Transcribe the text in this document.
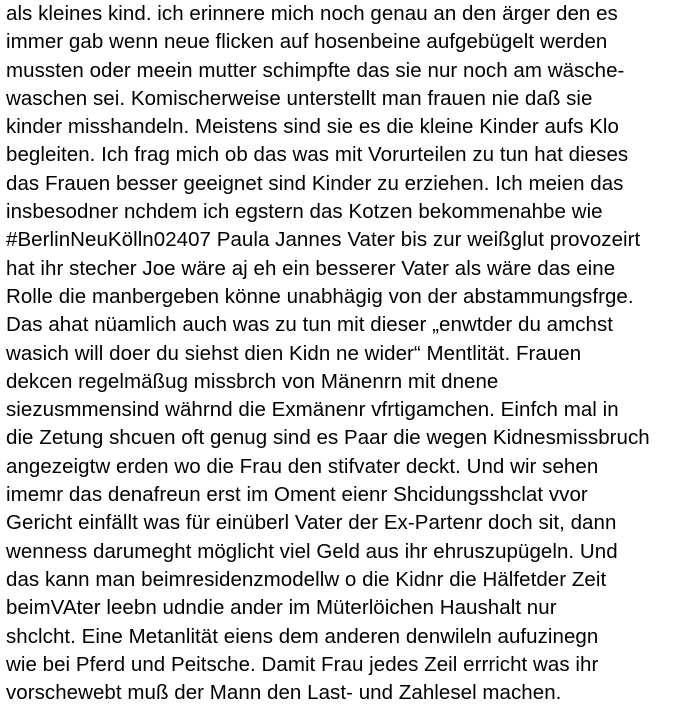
als kleines kind. ich erinnere mich noch genau an den ärger den es
immer gab wenn neue flicken auf hosenbeine aufgebügelt werden
mussten oder meein mutter schimpfte das sie nur noch am wäsche-
waschen sei. Komischerweise unterstellt man frauen nie daß sie
kinder misshandeln. Meistens sind sie es die kleine Kinder aufs Klo
begleiten. Ich frag mich ob das was mit Vorurteilen zu tun hat dieses
das Frauen besser geeignet sind Kinder zu erziehen. Ich meien das
insbesodner nchdem ich egstern das Kotzen bekommenahbe wie
#BerlinNeuKölln02407 Paula Jannes Vater bis zur weißglut provozeirt
hat ihr stecher Joe wäre aj eh ein besserer Vater als wäre das eine
Rolle die manbergeben könne unabhägig von der abstammungsfrge.
Das ahat nüamlich auch was zu tun mit dieser „enwtder du amchst
wasich will doer du siehst dien Kidn ne wider“ Mentlität. Frauen
dekcen regelmäßug missbrch von Mänenrn mit dnene
siezusmmensind währnd die Exmänenr vfrtigamchen. Einfch mal in
die Zetung shcuen oft genug sind es Paar die wegen Kidnesmissbruch
angezeigtw erden wo die Frau den stifvater deckt. Und wir sehen
imemr das denafreun erst im Oment eienr Shcidungsshclat vvor
Gericht einfällt was für einüberl Vater der Ex-Partenr doch sit, dann
wenness darumeght möglicht viel Geld aus ihr ehruszupügeln. Und
das kann man beimresidenzmodellw o die Kidnr die Hälfetder Zeit
beimVAter leebn udndie ander im Müterlöichen Haushalt nur
shclcht. Eine Metanlität eiens dem anderen denwileln aufuzinegn
wie bei Pferd und Peitsche. Damit Frau jedes Zeil errricht was ihr
vorschewebt muß der Mann den Last- und Zahlesel machen.
